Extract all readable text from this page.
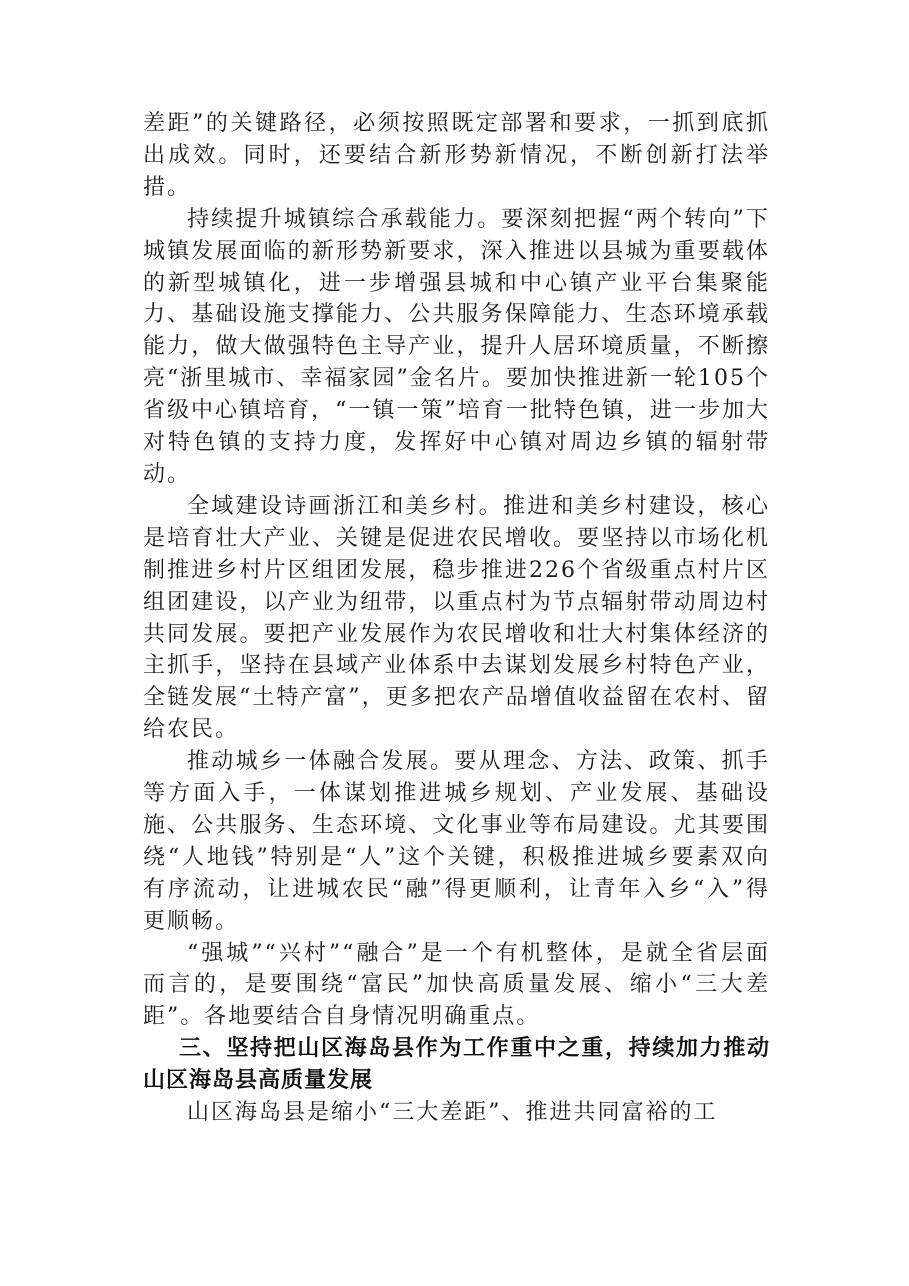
差距”的关键路径，必须按照既定部署和要求，一抓到底抓出成效。同时，还要结合新形势新情况，不断创新打法举措。

持续提升城镇综合承载能力。要深刻把握“两个转向”下城镇发展面临的新形势新要求，深入推进以县城为重要载体的新型城镇化，进一步增强县城和中心镇产业平台集聚能力、基础设施支撑能力、公共服务保障能力、生态环境承载能力，做大做强特色主导产业，提升人居环境质量，不断擦亮“浙里城市、幸福家园”金名片。要加快推进新一轮105个省级中心镇培育，“一镇一策”培育一批特色镇，进一步加大对特色镇的支持力度，发挥好中心镇对周边乡镇的辐射带动。

全域建设诗画浙江和美乡村。推进和美乡村建设，核心是培育壮大产业、关键是促进农民增收。要坚持以市场化机制推进乡村片区组团发展，稳步推进226个省级重点村片区组团建设，以产业为纽带，以重点村为节点辐射带动周边村共同发展。要把产业发展作为农民增收和壮大村集体经济的主抓手，坚持在县域产业体系中去谋划发展乡村特色产业，全链发展“土特产富”，更多把农产品增值收益留在农村、留给农民。

推动城乡一体融合发展。要从理念、方法、政策、抓手等方面入手，一体谋划推进城乡规划、产业发展、基础设施、公共服务、生态环境、文化事业等布局建设。尤其要围绕“人地钱”特别是“人”这个关键，积极推进城乡要素双向有序流动，让进城农民“融”得更顺利，让青年入乡“入”得更顺畅。

“强城”“兴村”“融合”是一个有机整体，是就全省层面而言的，是要围绕“富民”加快高质量发展、缩小“三大差距”。各地要结合自身情况明确重点。

三、坚持把山区海岛县作为工作重中之重，持续加力推动山区海岛县高质量发展

山区海岛县是缩小“三大差距”、推进共同富裕的工
